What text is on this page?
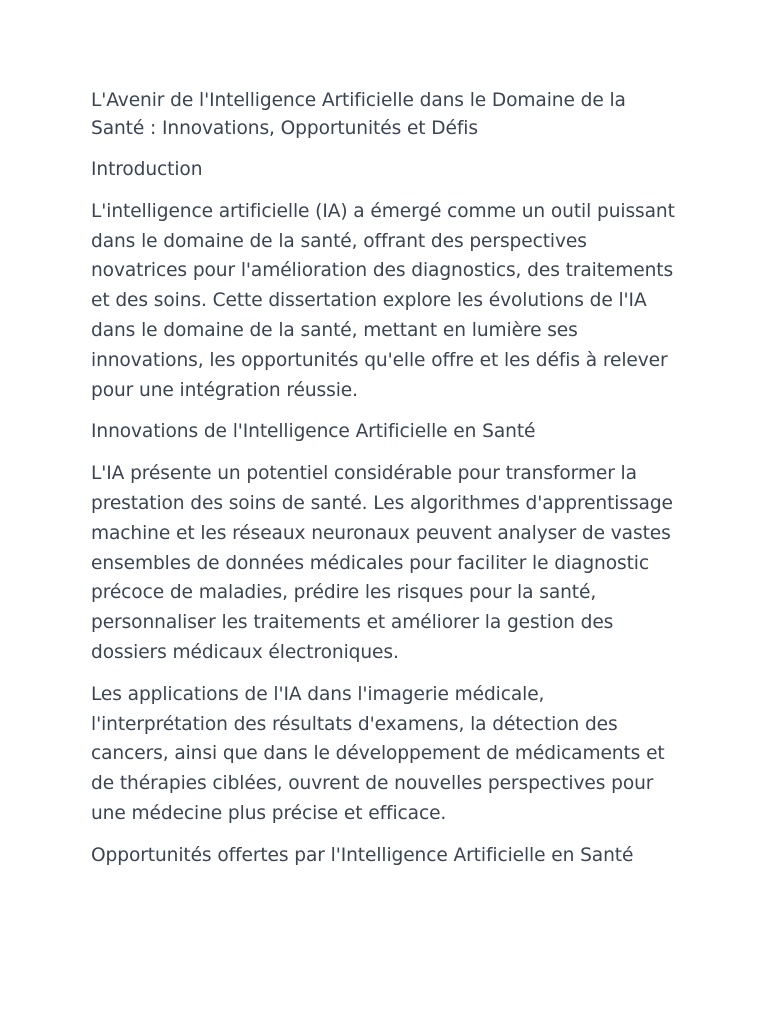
L'Avenir de l'Intelligence Artificielle dans le Domaine de la Santé : Innovations, Opportunités et Défis

Introduction

L'intelligence artificielle (IA) a émergé comme un outil puissant dans le domaine de la santé, offrant des perspectives novatrices pour l'amélioration des diagnostics, des traitements et des soins. Cette dissertation explore les évolutions de l'IA dans le domaine de la santé, mettant en lumière ses innovations, les opportunités qu'elle offre et les défis à relever pour une intégration réussie.

Innovations de l'Intelligence Artificielle en Santé

L'IA présente un potentiel considérable pour transformer la prestation des soins de santé. Les algorithmes d'apprentissage machine et les réseaux neuronaux peuvent analyser de vastes ensembles de données médicales pour faciliter le diagnostic précoce de maladies, prédire les risques pour la santé, personnaliser les traitements et améliorer la gestion des dossiers médicaux électroniques.

Les applications de l'IA dans l'imagerie médicale, l'interprétation des résultats d'examens, la détection des cancers, ainsi que dans le développement de médicaments et de thérapies ciblées, ouvrent de nouvelles perspectives pour une médecine plus précise et efficace.

Opportunités offertes par l'Intelligence Artificielle en Santé
